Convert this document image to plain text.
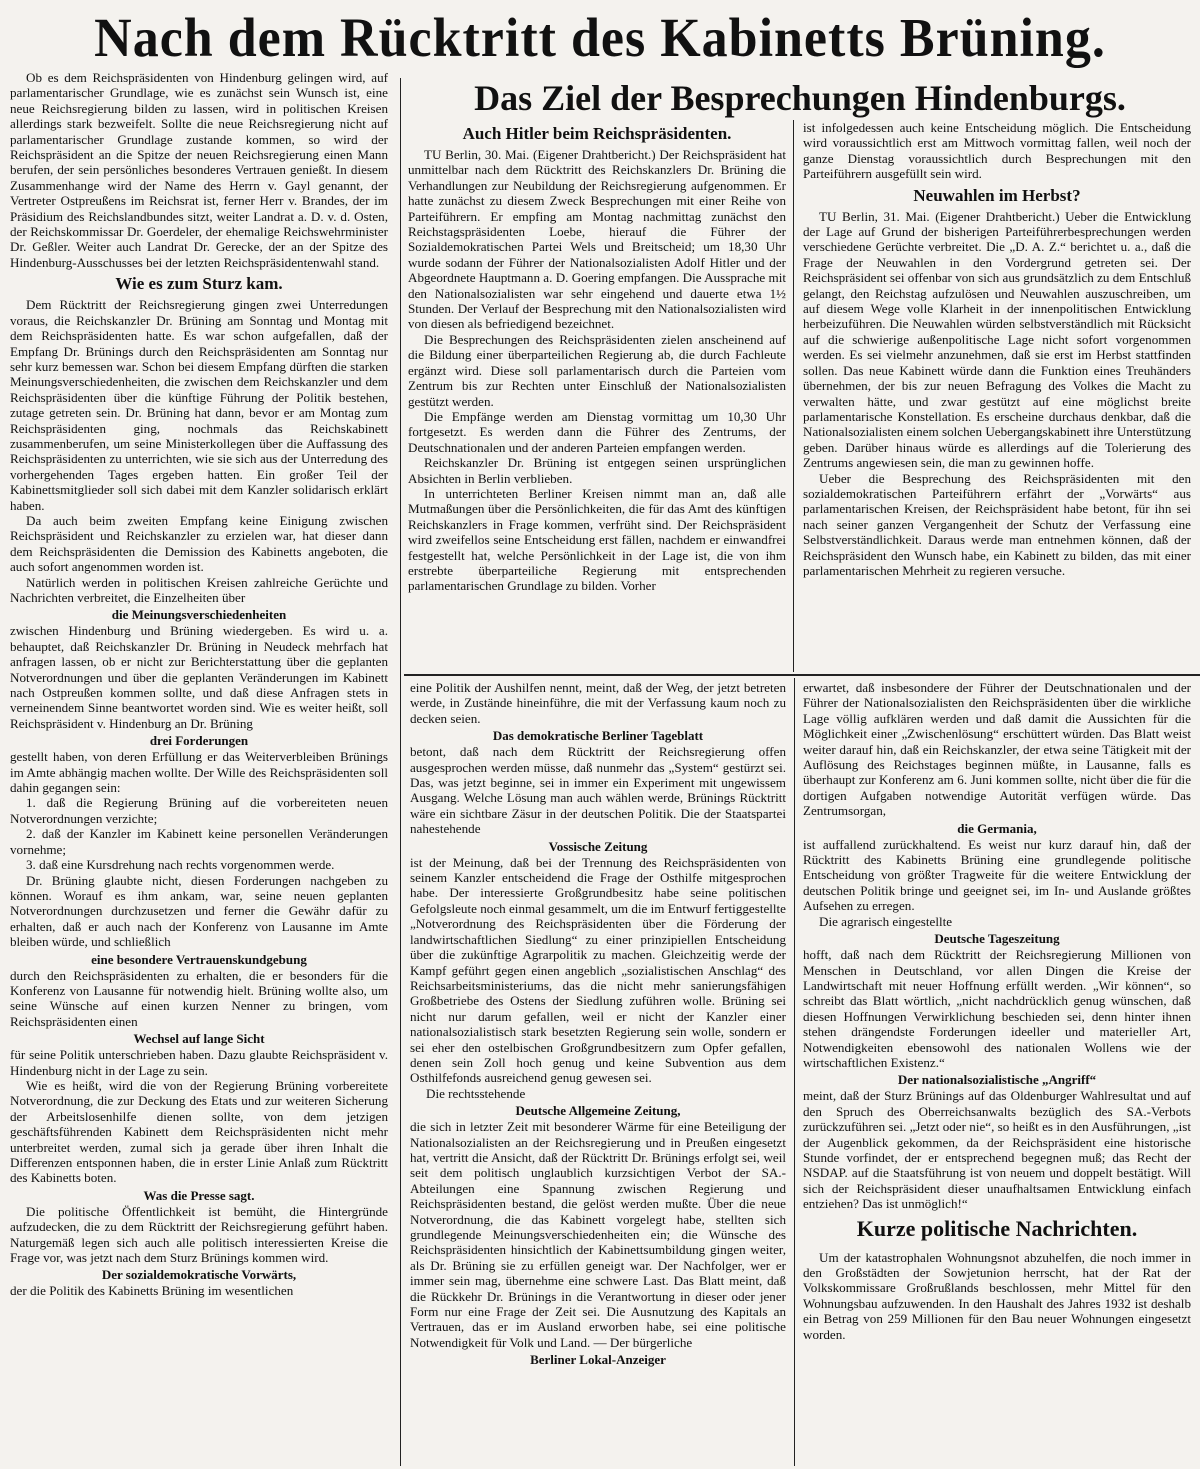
Nach dem Rücktritt des Kabinetts Brüning.
Das Ziel der Besprechungen Hindenburgs.

Ob es dem Reichspräsidenten von Hindenburg gelingen wird, auf parlamentarischer Grundlage, wie es zunächst sein Wunsch ist, eine neue Reichsregierung bilden zu lassen, wird in politischen Kreisen allerdings stark bezweifelt. Sollte die neue Reichsregierung nicht auf parlamentarischer Grundlage zustande kommen, so wird der Reichspräsident an die Spitze der neuen Reichsregierung einen Mann berufen, der sein persönliches besonderes Vertrauen genießt. In diesem Zusammenhange wird der Name des Herrn v. Gayl genannt, der Vertreter Ostpreußens im Reichsrat ist, ferner Herr v. Brandes, der im Präsidium des Reichslandbundes sitzt, weiter Landrat a. D. v. d. Osten, der Reichskommissar Dr. Goerdeler, der ehemalige Reichswehrminister Dr. Geßler. Weiter auch Landrat Dr. Gerecke, der an der Spitze des Hindenburg-Ausschusses bei der letzten Reichspräsidentenwahl stand.

Wie es zum Sturz kam.

Dem Rücktritt der Reichsregierung gingen zwei Unterredungen voraus, die Reichskanzler Dr. Brüning am Sonntag und Montag mit dem Reichspräsidenten hatte. Es war schon aufgefallen, daß der Empfang Dr. Brünings durch den Reichspräsidenten am Sonntag nur sehr kurz bemessen war. Schon bei diesem Empfang dürften die starken Meinungsverschiedenheiten, die zwischen dem Reichskanzler und dem Reichspräsidenten über die künftige Führung der Politik bestehen, zutage getreten sein. Dr. Brüning hat dann, bevor er am Montag zum Reichspräsidenten ging, nochmals das Reichskabinett zusammenberufen, um seine Ministerkollegen über die Auffassung des Reichspräsidenten zu unterrichten, wie sie sich aus der Unterredung des vorhergehenden Tages ergeben hatten. Ein großer Teil der Kabinettsmitglieder soll sich dabei mit dem Kanzler solidarisch erklärt haben.

Da auch beim zweiten Empfang keine Einigung zwischen Reichspräsident und Reichskanzler zu erzielen war, hat dieser dann dem Reichspräsidenten die Demission des Kabinetts angeboten, die auch sofort angenommen worden ist.

Natürlich werden in politischen Kreisen zahlreiche Gerüchte und Nachrichten verbreitet, die Einzelheiten über

die Meinungsverschiedenheiten

zwischen Hindenburg und Brüning wiedergeben. Es wird u. a. behauptet, daß Reichskanzler Dr. Brüning in Neudeck mehrfach hat anfragen lassen, ob er nicht zur Berichterstattung über die geplanten Notverordnungen und über die geplanten Veränderungen im Kabinett nach Ostpreußen kommen sollte, und daß diese Anfragen stets in verneinendem Sinne beantwortet worden sind. Wie es weiter heißt, soll Reichspräsident v. Hindenburg an Dr. Brüning

drei Forderungen

gestellt haben, von deren Erfüllung er das Weiterverbleiben Brünings im Amte abhängig machen wollte. Der Wille des Reichspräsidenten soll dahin gegangen sein:

1. daß die Regierung Brüning auf die vorbereiteten neuen Notverordnungen verzichte;

2. daß der Kanzler im Kabinett keine personellen Veränderungen vornehme;

3. daß eine Kursdrehung nach rechts vorgenommen werde.

Dr. Brüning glaubte nicht, diesen Forderungen nachgeben zu können. Worauf es ihm ankam, war, seine neuen geplanten Notverordnungen durchzusetzen und ferner die Gewähr dafür zu erhalten, daß er auch nach der Konferenz von Lausanne im Amte bleiben würde, und schließlich

eine besondere Vertrauenskundgebung

durch den Reichspräsidenten zu erhalten, die er besonders für die Konferenz von Lausanne für notwendig hielt. Brüning wollte also, um seine Wünsche auf einen kurzen Nenner zu bringen, vom Reichspräsidenten einen

Wechsel auf lange Sicht

für seine Politik unterschrieben haben. Dazu glaubte Reichspräsident v. Hindenburg nicht in der Lage zu sein.

Wie es heißt, wird die von der Regierung Brüning vorbereitete Notverordnung, die zur Deckung des Etats und zur weiteren Sicherung der Arbeitslosenhilfe dienen sollte, von dem jetzigen geschäftsführenden Kabinett dem Reichspräsidenten nicht mehr unterbreitet werden, zumal sich ja gerade über ihren Inhalt die Differenzen entsponnen haben, die in erster Linie Anlaß zum Rücktritt des Kabinetts boten.

Was die Presse sagt.

Die politische Öffentlichkeit ist bemüht, die Hintergründe aufzudecken, die zu dem Rücktritt der Reichsregierung geführt haben. Naturgemäß legen sich auch alle politisch interessierten Kreise die Frage vor, was jetzt nach dem Sturz Brünings kommen wird.

Der sozialdemokratische Vorwärts,

der die Politik des Kabinetts Brüning im wesentlichen

Auch Hitler beim Reichspräsidenten.

TU Berlin, 30. Mai. (Eigener Drahtbericht.) Der Reichspräsident hat unmittelbar nach dem Rücktritt des Reichskanzlers Dr. Brüning die Verhandlungen zur Neubildung der Reichsregierung aufgenommen. Er hatte zunächst zu diesem Zweck Besprechungen mit einer Reihe von Parteiführern. Er empfing am Montag nachmittag zunächst den Reichstagspräsidenten Loebe, hierauf die Führer der Sozialdemokratischen Partei Wels und Breitscheid; um 18,30 Uhr wurde sodann der Führer der Nationalsozialisten Adolf Hitler und der Abgeordnete Hauptmann a. D. Goering empfangen. Die Aussprache mit den Nationalsozialisten war sehr eingehend und dauerte etwa 1½ Stunden. Der Verlauf der Besprechung mit den Nationalsozialisten wird von diesen als befriedigend bezeichnet.

Die Besprechungen des Reichspräsidenten zielen anscheinend auf die Bildung einer überparteilichen Regierung ab, die durch Fachleute ergänzt wird. Diese soll parlamentarisch durch die Parteien vom Zentrum bis zur Rechten unter Einschluß der Nationalsozialisten gestützt werden.

Die Empfänge werden am Dienstag vormittag um 10,30 Uhr fortgesetzt. Es werden dann die Führer des Zentrums, der Deutschnationalen und der anderen Parteien empfangen werden.

Reichskanzler Dr. Brüning ist entgegen seinen ursprünglichen Absichten in Berlin verblieben.

In unterrichteten Berliner Kreisen nimmt man an, daß alle Mutmaßungen über die Persönlichkeiten, die für das Amt des künftigen Reichskanzlers in Frage kommen, verfrüht sind. Der Reichspräsident wird zweifellos seine Entscheidung erst fällen, nachdem er einwandfrei festgestellt hat, welche Persönlichkeit in der Lage ist, die von ihm erstrebte überparteiliche Regierung mit entsprechenden parlamentarischen Grundlage zu bilden. Vorher

ist infolgedessen auch keine Entscheidung möglich. Die Entscheidung wird voraussichtlich erst am Mittwoch vormittag fallen, weil noch der ganze Dienstag voraussichtlich durch Besprechungen mit den Parteiführern ausgefüllt sein wird.

Neuwahlen im Herbst?

TU Berlin, 31. Mai. (Eigener Drahtbericht.) Ueber die Entwicklung der Lage auf Grund der bisherigen Parteiführerbesprechungen werden verschiedene Gerüchte verbreitet. Die „D. A. Z.“ berichtet u. a., daß die Frage der Neuwahlen in den Vordergrund getreten sei. Der Reichspräsident sei offenbar von sich aus grundsätzlich zu dem Entschluß gelangt, den Reichstag aufzulösen und Neuwahlen auszuschreiben, um auf diesem Wege volle Klarheit in der innenpolitischen Entwicklung herbeizuführen. Die Neuwahlen würden selbstverständlich mit Rücksicht auf die schwierige außenpolitische Lage nicht sofort vorgenommen werden. Es sei vielmehr anzunehmen, daß sie erst im Herbst stattfinden sollen. Das neue Kabinett würde dann die Funktion eines Treuhänders übernehmen, der bis zur neuen Befragung des Volkes die Macht zu verwalten hätte, und zwar gestützt auf eine möglichst breite parlamentarische Konstellation. Es erscheine durchaus denkbar, daß die Nationalsozialisten einem solchen Uebergangskabinett ihre Unterstützung geben. Darüber hinaus würde es allerdings auf die Tolerierung des Zentrums angewiesen sein, die man zu gewinnen hoffe.

Ueber die Besprechung des Reichspräsidenten mit den sozialdemokratischen Parteiführern erfährt der „Vorwärts“ aus parlamentarischen Kreisen, der Reichspräsident habe betont, für ihn sei nach seiner ganzen Vergangenheit der Schutz der Verfassung eine Selbstverständlichkeit. Daraus werde man entnehmen können, daß der Reichspräsident den Wunsch habe, ein Kabinett zu bilden, das mit einer parlamentarischen Mehrheit zu regieren versuche.

eine Politik der Aushilfen nennt, meint, daß der Weg, der jetzt betreten werde, in Zustände hineinführe, die mit der Verfassung kaum noch zu decken seien.

Das demokratische Berliner Tageblatt

betont, daß nach dem Rücktritt der Reichsregierung offen ausgesprochen werden müsse, daß nunmehr das „System“ gestürzt sei. Das, was jetzt beginne, sei in immer ein Experiment mit ungewissem Ausgang. Welche Lösung man auch wählen werde, Brünings Rücktritt wäre ein sichtbare Zäsur in der deutschen Politik. Die der Staatspartei nahestehende

Vossische Zeitung

ist der Meinung, daß bei der Trennung des Reichspräsidenten von seinem Kanzler entscheidend die Frage der Osthilfe mitgesprochen habe. Der interessierte Großgrundbesitz habe seine politischen Gefolgsleute noch einmal gesammelt, um die im Entwurf fertiggestellte „Notverordnung des Reichspräsidenten über die Förderung der landwirtschaftlichen Siedlung“ zu einer prinzipiellen Entscheidung über die zukünftige Agrarpolitik zu machen. Gleichzeitig werde der Kampf geführt gegen einen angeblich „sozialistischen Anschlag“ des Reichsarbeitsministeriums, das die nicht mehr sanierungsfähigen Großbetriebe des Ostens der Siedlung zuführen wolle. Brüning sei nicht nur darum gefallen, weil er nicht der Kanzler einer nationalsozialistisch stark besetzten Regierung sein wolle, sondern er sei eher den ostelbischen Großgrundbesitzern zum Opfer gefallen, denen sein Zoll hoch genug und keine Subvention aus dem Osthilfefonds ausreichend genug gewesen sei.

Die rechtsstehende

Deutsche Allgemeine Zeitung,

die sich in letzter Zeit mit besonderer Wärme für eine Beteiligung der Nationalsozialisten an der Reichsregierung und in Preußen eingesetzt hat, vertritt die Ansicht, daß der Rücktritt Dr. Brünings erfolgt sei, weil seit dem politisch unglaublich kurzsichtigen Verbot der SA.-Abteilungen eine Spannung zwischen Regierung und Reichspräsidenten bestand, die gelöst werden mußte. Über die neue Notverordnung, die das Kabinett vorgelegt habe, stellten sich grundlegende Meinungsverschiedenheiten ein; die Wünsche des Reichspräsidenten hinsichtlich der Kabinettsumbildung gingen weiter, als Dr. Brüning sie zu erfüllen geneigt war. Der Nachfolger, wer er immer sein mag, übernehme eine schwere Last. Das Blatt meint, daß die Rückkehr Dr. Brünings in die Verantwortung in dieser oder jener Form nur eine Frage der Zeit sei. Die Ausnutzung des Kapitals an Vertrauen, das er im Ausland erworben habe, sei eine politische Notwendigkeit für Volk und Land. — Der bürgerliche

Berliner Lokal-Anzeiger

erwartet, daß insbesondere der Führer der Deutschnationalen und der Führer der Nationalsozialisten den Reichspräsidenten über die wirkliche Lage völlig aufklären werden und daß damit die Aussichten für die Möglichkeit einer „Zwischenlösung“ erschüttert würden. Das Blatt weist weiter darauf hin, daß ein Reichskanzler, der etwa seine Tätigkeit mit der Auflösung des Reichstages beginnen müßte, in Lausanne, falls es überhaupt zur Konferenz am 6. Juni kommen sollte, nicht über die für die dortigen Aufgaben notwendige Autorität verfügen würde. Das Zentrumsorgan,

die Germania,

ist auffallend zurückhaltend. Es weist nur kurz darauf hin, daß der Rücktritt des Kabinetts Brüning eine grundlegende politische Entscheidung von größter Tragweite für die weitere Entwicklung der deutschen Politik bringe und geeignet sei, im In- und Auslande größtes Aufsehen zu erregen.

Die agrarisch eingestellte

Deutsche Tageszeitung

hofft, daß nach dem Rücktritt der Reichsregierung Millionen von Menschen in Deutschland, vor allen Dingen die Kreise der Landwirtschaft mit neuer Hoffnung erfüllt werden. „Wir können“, so schreibt das Blatt wörtlich, „nicht nachdrücklich genug wünschen, daß diesen Hoffnungen Verwirklichung beschieden sei, denn hinter ihnen stehen drängendste Forderungen ideeller und materieller Art, Notwendigkeiten ebensowohl des nationalen Wollens wie der wirtschaftlichen Existenz.“

Der nationalsozialistische „Angriff“

meint, daß der Sturz Brünings auf das Oldenburger Wahlresultat und auf den Spruch des Oberreichsanwalts bezüglich des SA.-Verbots zurückzuführen sei. „Jetzt oder nie“, so heißt es in den Ausführungen, „ist der Augenblick gekommen, da der Reichspräsident eine historische Stunde vorfindet, der er entsprechend begegnen muß; das Recht der NSDAP. auf die Staatsführung ist von neuem und doppelt bestätigt. Will sich der Reichspräsident dieser unaufhaltsamen Entwicklung einfach entziehen? Das ist unmöglich!“

Kurze politische Nachrichten.

Um der katastrophalen Wohnungsnot abzuhelfen, die noch immer in den Großstädten der Sowjetunion herrscht, hat der Rat der Volkskommissare Großrußlands beschlossen, mehr Mittel für den Wohnungsbau aufzuwenden. In den Haushalt des Jahres 1932 ist deshalb ein Betrag von 259 Millionen für den Bau neuer Wohnungen eingesetzt worden.
